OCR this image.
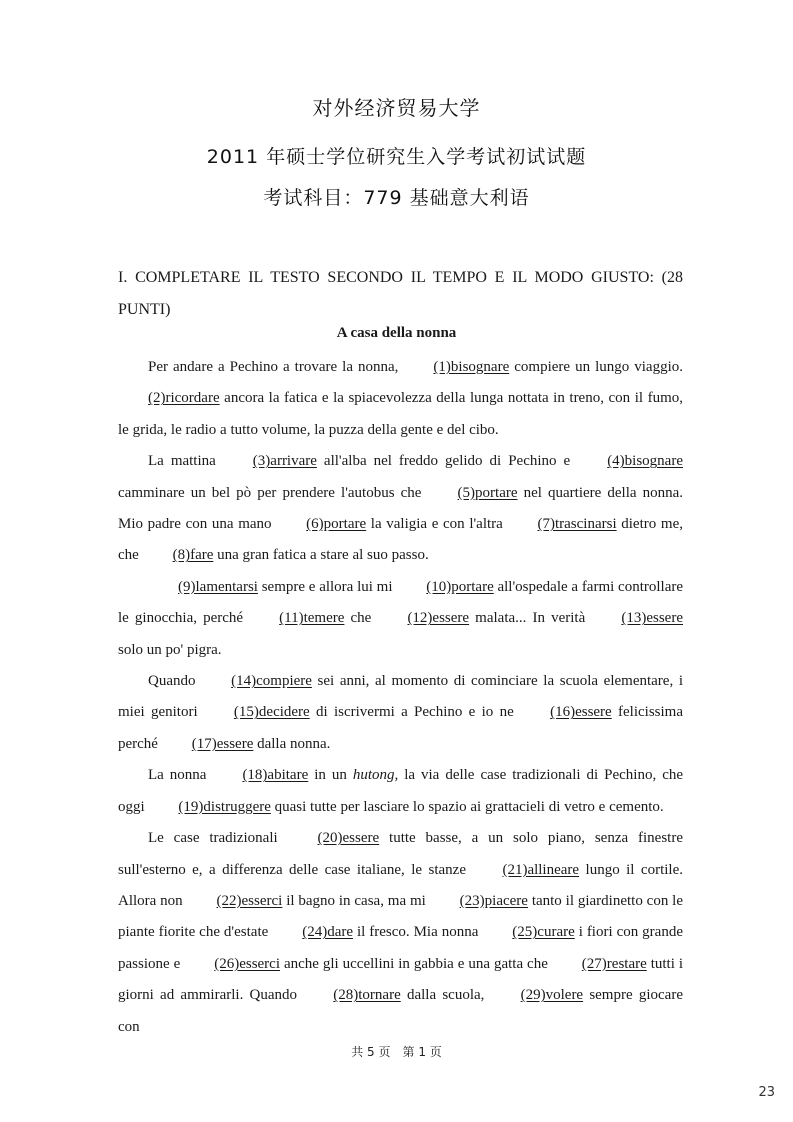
对外经济贸易大学
2011 年硕士学位研究生入学考试初试试题
考试科目：779 基础意大利语
I. COMPLETARE IL TESTO SECONDO IL TEMPO E IL MODO GIUSTO: (28 PUNTI)
A casa della nonna

Per andare a Pechino a trovare la nonna, (1)bisognare compiere un lungo viaggio. (2)ricordare ancora la fatica e la spiacevolezza della lunga nottata in treno, con il fumo, le grida, le radio a tutto volume, la puzza della gente e del cibo.

La mattina (3)arrivare all'alba nel freddo gelido di Pechino e (4)bisognare camminare un bel pò per prendere l'autobus che (5)portare nel quartiere della nonna. Mio padre con una mano (6)portare la valigia e con l'altra (7)trascinarsi dietro me, che (8)fare una gran fatica a stare al suo passo.

(9)lamentarsi sempre e allora lui mi (10)portare all'ospedale a farmi controllare le ginocchia, perché (11)temere che (12)essere malata... In verità (13)essere solo un po' pigra.

Quando (14)compiere sei anni, al momento di cominciare la scuola elementare, i miei genitori (15)decidere di iscrivermi a Pechino e io ne (16)essere felicissima perché (17)essere dalla nonna.

La nonna (18)abitare in un hutong, la via delle case tradizionali di Pechino, che oggi (19)distruggere quasi tutte per lasciare lo spazio ai grattacieli di vetro e cemento.

Le case tradizionali (20)essere tutte basse, a un solo piano, senza finestre sull'esterno e, a differenza delle case italiane, le stanze (21)allineare lungo il cortile. Allora non (22)esserci il bagno in casa, ma mi (23)piacere tanto il giardinetto con le piante fiorite che d'estate (24)dare il fresco. Mia nonna (25)curare i fiori con grande passione e (26)esserci anche gli uccellini in gabbia e una gatta che (27)restare tutti i giorni ad ammirarli. Quando (28)tornare dalla scuola, (29)volere sempre giocare con

共 5 页　第 1 页
23
